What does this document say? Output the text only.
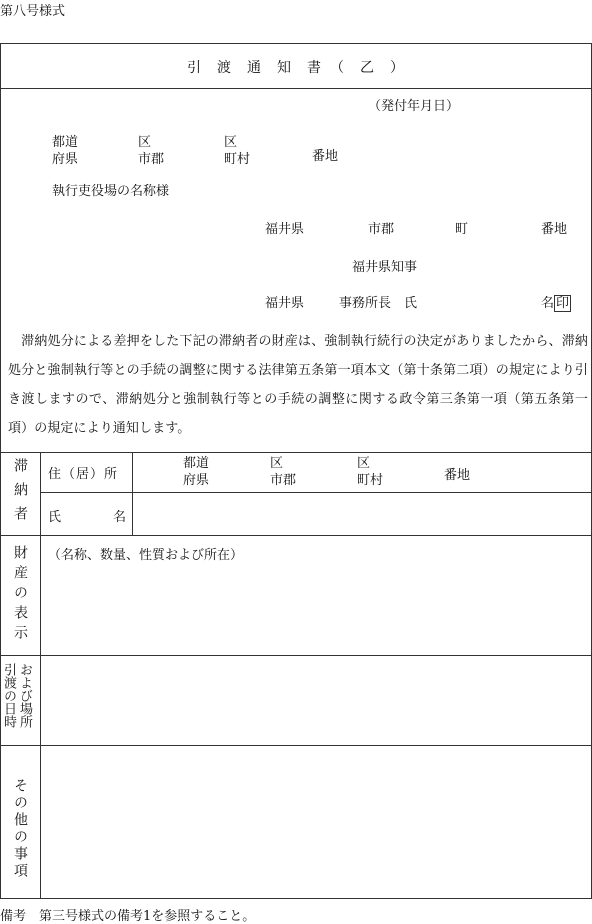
第八号様式
引　渡　通　知　書　（　乙　）
（発付年月日）
都道
府県
区
市郡
区
町村	番地
執行吏役場の名称様
福井県	市郡	町	番地
福井県知事
福井県	事務所長　氏	名 印
　滞納処分による差押をした下記の滞納者の財産は、強制執行続行の決定がありましたから、滞納処分と強制執行等との手続の調整に関する法律第五条第一項本文（第十条第二項）の規定により引き渡しますので、滞納処分と強制執行等との手続の調整に関する政令第三条第一項（第五条第一項）の規定により通知します。
滞納者 住（居）所
都道
府県
区
市郡
区
町村	番地
氏	名
財産の表示 （名称、数量、性質および所在）
引渡の日時 および場所
その他の事項
備考　第三号様式の備考1を参照すること。
